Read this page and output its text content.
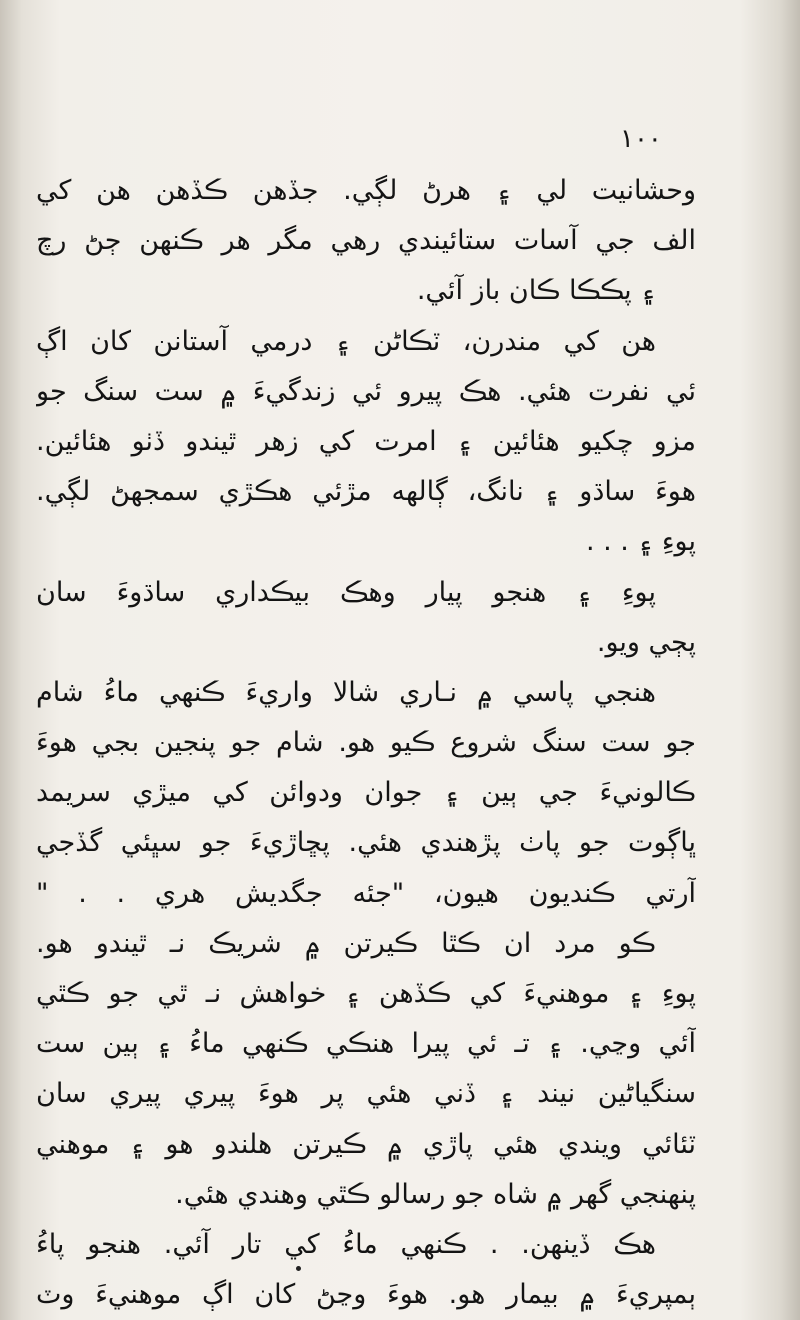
١٠٠
وحشانيت لي ۽ هرڻ لڳي. جڏهن ڪڏهن هن کي
الف جي آسات ستائيندي رهي مگر هر ڪنهن ڄڻ رچ
۽ پڪڪا ڪان باز آئي.
هن کي مندرن، ٽڪاڻن ۽ درمي آستانن کان اڳ
ئي نفرت هئي. هڪ پيرو ئي زندگيءَ ۾ ست سنگ جو
مزو چکيو هئائين ۽ امرت کي زهر ٿيندو ڏٺو هئائين.
هوءَ ساڌو ۽ نانگ، ڳالهه مڙئي هڪڙي سمجهڻ لڳي.
پوءِ ۽ . . .
پوءِ ۽ هنجو پيار وهڪ بيڪداري ساڌوءَ سان
پڄي ويو.
هنجي پاسي ۾ نـاري شالا واريءَ ڪنهي ماءُ شام
جو ست سنگ شروع ڪيو هو. شام جو پنجين بجي هوءَ
ڪالونيءَ جي ٻين ۽ جوان ودوائن کي ميڙي سريمد
ڀاڳوت جو پاٺ پڙهندي هئي. پڇاڙيءَ جو سڀئي گڏجي
آرتي ڪنديون هيون، "جئه جگديش هري . . "
ڪو مرد ان ڪٿا ڪيرتن ۾ شريڪ نـ ٿيندو هو.
پوءِ ۽ موهنيءَ کي ڪڏهن ۽ خواهش نـ ٿي جو ڪٿي
آئي وڃي. ۽ تـ ئي پيرا هنڪي ڪنهي ماءُ ۽ ٻين ست
سنگياڻين نيند ۽ ڏني هئي پر هوءَ پيري پيري سان
ٽئائي ويندي هئي پاڙي ۾ ڪيرتن هلندو هو ۽ موهني
پنهنجي گهر ۾ شاه جو رسالو ڪٿي وهندي هئي.
هڪ ڏينهن. . ڪنهي ماءُ کي تار آئي. هنجو پاءُ
ٻمپريءَ ۾ بيمار هو. هوءَ وڃڻ کان اڳ موهنيءَ وٽ
